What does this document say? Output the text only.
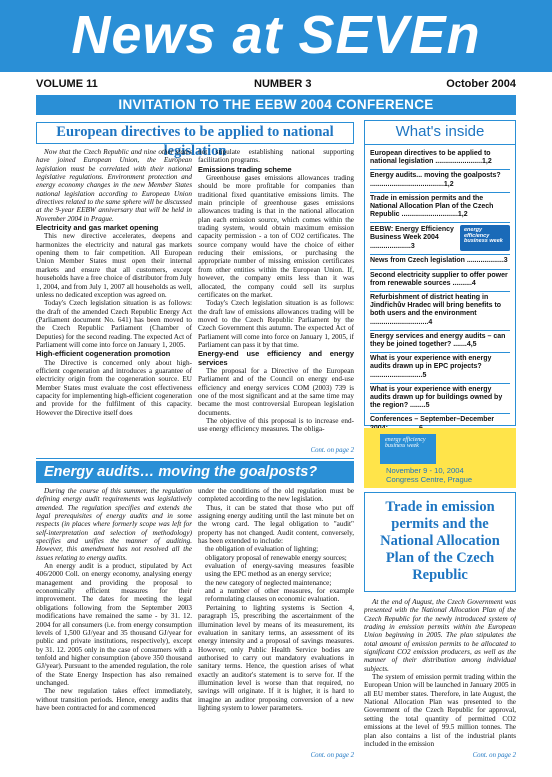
News at SEVEn
VOLUME 11	NUMBER 3	October 2004
INVITATION TO THE EEBW 2004 CONFERENCE
European directives to be applied to national legislation

Now that the Czech Republic and nine other states have joined European Union, the European legislation must be correlated with their national legislative regulations. Environment protection and energy economy changes in the new Member States national legislation according to European Union directives related to the same sphere will be discussed at the 9-year EEBW anniversary that will be held in November 2004 in Prague.

Electricity and gas market opening

This new directive accelerates, deepens and harmonizes the electricity and natural gas markets opening them to fair competition. All European Union Member States must open their internal markets and ensure that all customers, except households have a free choice of distributor from July 1, 2004, and from July 1, 2007 all households as well, unless no dedicated exception was agreed on.

Today's Czech legislation situation is as follows: the draft of the amended Czech Republic Energy Act (Parliament document No. 641) has been moved to the Czech Republic Parliament (Chamber of Deputies) for the second reading. The expected Act of Parliament will come into force on January 1, 2005.

High-efficient cogeneration promotion

The Directive is concerned only about high-efficient cogeneration and introduces a guarantee of electricity origin from the cogeneration source. EU Member States must evaluate the cost effectiveness capacity for implementing high-efficient cogeneration and provide for the fulfilment of this capacity. However the Directive itself does

not stipulate establishing national supporting facilitation programs.

Emissions trading scheme

Greenhouse gases emissions allowances trading should be more profitable for companies than traditional fixed quantitative emissions limits. The main principle of greenhouse gases emissions allowances trading is that in the national allocation plan each emission source, which comes within the trading system, would obtain maximum emission capacity permission - a ton of CO2 certificates. The source company would have the choice of either reducing their emissions, or purchasing the appropriate number of missing emission certificates from other entities within the European Union. If, however, the company emits less than it was allocated, the company could sell its surplus certificates on the market.

Today's Czech legislation situation is as follows: the draft law of emissions allowances trading will be moved to the Czech Republic Parliament by the Czech Government this autumn. The expected Act of Parliament will come into force on January 1, 2005, if Parliament can pass it by that time.

Energy-end use efficiency and energy services

The proposal for a Directive of the European Parliament and of the Council on energy end-use efficiency and energy services COM (2003) 739 is one of the most significant and at the same time may became the most controversial European legislation documents.

The objective of this proposal is to increase end-use energy efficiency measures. The obliga-

Cont. on page 2
What's inside
European directives to be applied to national legislation ........................1,2
Energy audits... moving the goalposts? ......................................1,2
Trade in emission permits and the National Allocation Plan of the Czech Republic .............................1,2
EEBW: Energy Efficiency Business Week 2004 .....................3
energy efficiency business week
News from Czech legislation ...................3
Second electricity supplier to offer power from renewable sources ..........4
Refurbishment of district heating in Jindřichův Hradec will bring benefits to both users and the environment ..............................4
Energy services and energy audits – can they be joined together? .......4,5
What is your experience with energy audits drawn up in EPC projects? ...........................5
What is your experience with energy audits drawn up for buildings owned by the region? ........5
Conferences – September–December
energy efficiency business week
November 9 - 10, 2004
Congress Centre, Prague
Energy audits… moving the goalposts?

During the course of this summer, the regulation defining energy audit requirements was legislatively amended. The regulation specifies and extends the legal prerequisites of energy audits and in some respects (in places where formerly scope was left for self-interpretation and selection of methodology) specifies and unifies the manner of auditing. However, this amendment has not resolved all the issues relating to energy audits.

An energy audit is a product, stipulated by Act 406/2000 Coll. on energy economy, analysing energy management and providing the proposal to economically efficient measures for their improvement. The dates for meeting the legal obligations following from the September 2003 modifications have remained the same - by 31. 12. 2004 for all consumers (i.e. from energy consumption levels of 1,500 GJ/year and 35 thousand GJ/year for public and private institutions, respectively), except by 31. 12. 2005 only in the case of consumers with a tenfold and higher consumption (above 350 thousand GJ/year). Pursuant to the amended regulation, the role of the State Energy Inspection has also remained unchanged.

The new regulation takes effect immediately, without transition periods. Hence, energy audits that have been contracted for and commenced

under the conditions of the old regulation must be completed according to the new legislation.

Thus, it can be stated that those who put off assigning energy auditing until the last minute bet on the wrong card. The legal obligation to "audit" property has not changed. Audit content, conversely, has been extended to include:

• the obligation of evaluation of lighting;
• obligatory proposal of renewable energy sources;
• evaluation of energy-saving measures feasible using the EPC method as an energy service;
• the new category of neglected maintenance;
• and a number of other measures, for example reformulating clauses on economic evaluation.

Pertaining to lighting systems is Section 4, paragraph 15, prescribing the ascertainment of the illumination level by means of its measurement, its evaluation in sanitary terms, an assessment of its energy intensity and a proposal of savings measures. However, only Public Health Service bodies are authorised to carry out mandatory evaluations in sanitary terms. Hence, the question arises of what exactly an auditor's statement is to serve for. If the illumination level is worse than that required, no savings will originate. If it is higher, it is hard to imagine an auditor proposing conversion of a new lighting system to lower parameters.

Cont. on page 2
Trade in emission permits and the National Allocation Plan of the Czech Republic

At the end of August, the Czech Government was presented with the National Allocation Plan of the Czech Republic for the newly introduced system of trading in emission permits within the European Union beginning in 2005. The plan stipulates the total amount of emission permits to be allocated to significant CO2 emission producers, as well as the manner of their distribution among individual subjects.

The system of emission permit trading within the European Union will be launched in January 2005 in all EU member states. Therefore, in late August, the National Allocation Plan was presented to the Government of the Czech Republic for approval, setting the total quantity of permitted CO2 emissions at the level of 99.5 million tonnes. The plan also contains a list of the industrial plants included in the emission

Cont. on page 2
